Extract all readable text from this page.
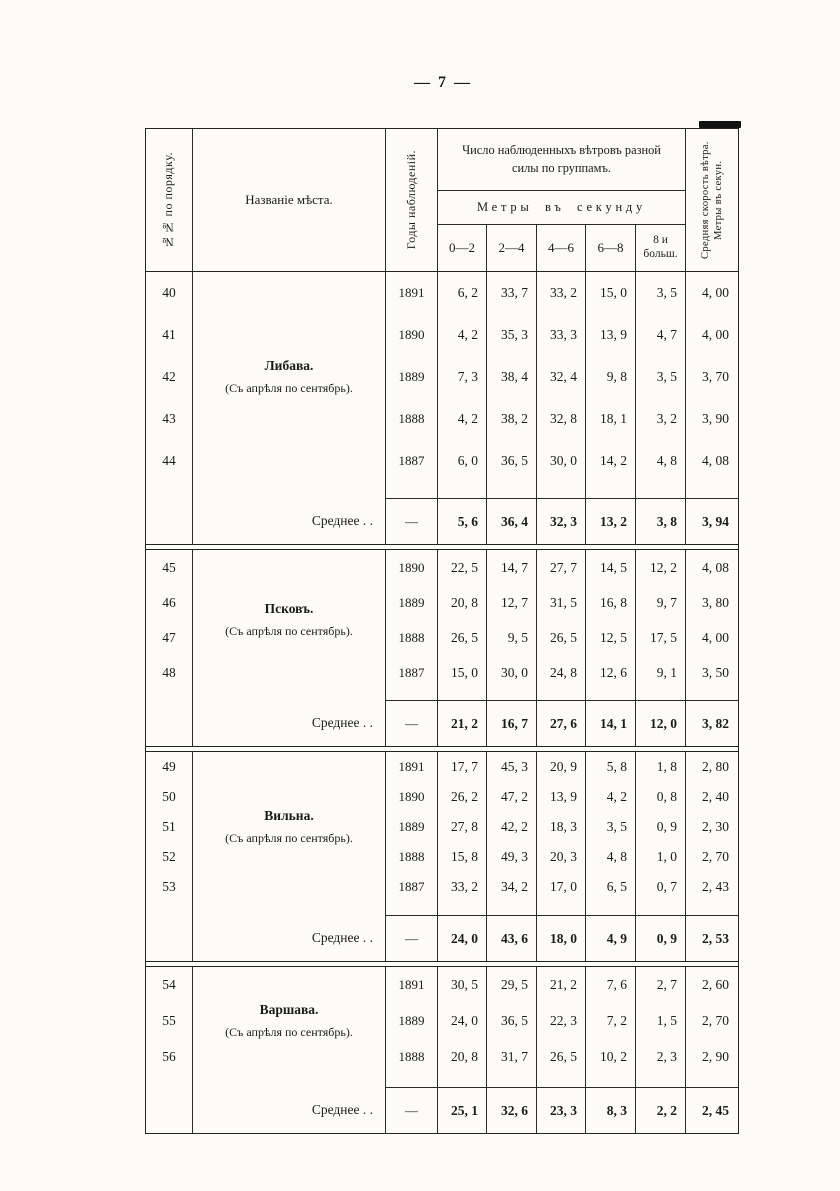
— 7 —
№№ по порядку.	Названіе мѣста.	Годы наблюденій.
Число наблюденныхъ вѣтровъ разной силы по группамъ.
Метры въ секунду
0—2	2—4	4—6	6—8	8 и больш.	Средняя скорость вѣтра. Метры въ секун.
Либава.
(Съ апрѣля по сентябрь).
40	1891	6, 2	33, 7	33, 2	15, 0	3, 5	4, 00
41	1890	4, 2	35, 3	33, 3	13, 9	4, 7	4, 00
42	1889	7, 3	38, 4	32, 4	9, 8	3, 5	3, 70
43	1888	4, 2	38, 2	32, 8	18, 1	3, 2	3, 90
44	1887	6, 0	36, 5	30, 0	14, 2	4, 8	4, 08
Среднее . .	—	5, 6	36, 4	32, 3	13, 2	3, 8	3, 94
Псковъ.
(Съ апрѣля по сентябрь).
45	1890	22, 5	14, 7	27, 7	14, 5	12, 2	4, 08
46	1889	20, 8	12, 7	31, 5	16, 8	9, 7	3, 80
47	1888	26, 5	9, 5	26, 5	12, 5	17, 5	4, 00
48	1887	15, 0	30, 0	24, 8	12, 6	9, 1	3, 50
Среднее . .	—	21, 2	16, 7	27, 6	14, 1	12, 0	3, 82
Вильна.
(Съ апрѣля по сентябрь).
49	1891	17, 7	45, 3	20, 9	5, 8	1, 8	2, 80
50	1890	26, 2	47, 2	13, 9	4, 2	0, 8	2, 40
51	1889	27, 8	42, 2	18, 3	3, 5	0, 9	2, 30
52	1888	15, 8	49, 3	20, 3	4, 8	1, 0	2, 70
53	1887	33, 2	34, 2	17, 0	6, 5	0, 7	2, 43
Среднее . .	—	24, 0	43, 6	18, 0	4, 9	0, 9	2, 53
Варшава.
(Съ апрѣля по сентябрь).
54	1891	30, 5	29, 5	21, 2	7, 6	2, 7	2, 60
55	1889	24, 0	36, 5	22, 3	7, 2	1, 5	2, 70
56	1888	20, 8	31, 7	26, 5	10, 2	2, 3	2, 90
Среднее . .	—	25, 1	32, 6	23, 3	8, 3	2, 2	2, 45
